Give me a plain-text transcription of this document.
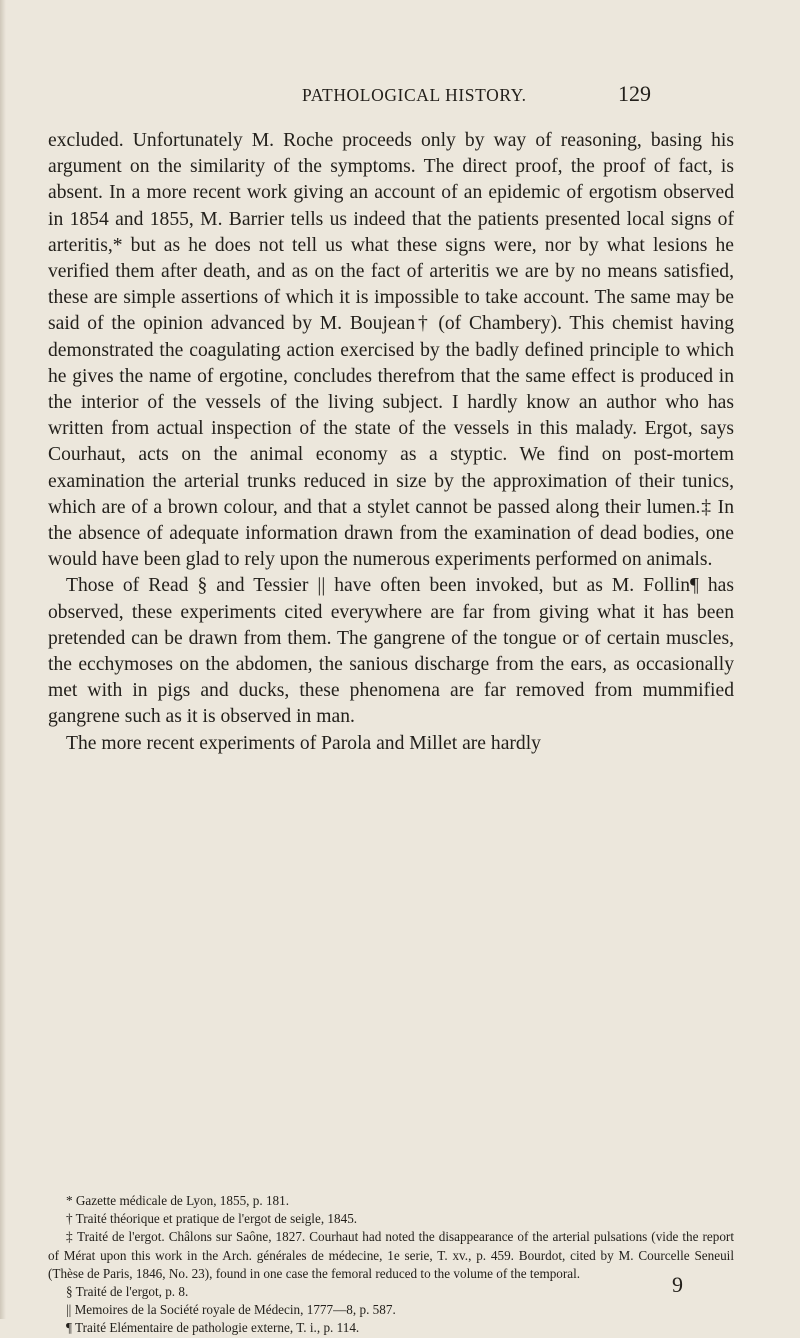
PATHOLOGICAL HISTORY.	129

excluded. Unfortunately M. Roche proceeds only by way of reasoning, basing his argument on the similarity of the symptoms. The direct proof, the proof of fact, is absent. In a more recent work giving an account of an epidemic of ergotism observed in 1854 and 1855, M. Barrier tells us indeed that the patients presented local signs of arteritis,* but as he does not tell us what these signs were, nor by what lesions he verified them after death, and as on the fact of arteritis we are by no means satisfied, these are simple assertions of which it is impossible to take account. The same may be said of the opinion advanced by M. Boujean† (of Chambery). This chemist having demonstrated the coagulating action exercised by the badly defined principle to which he gives the name of ergotine, concludes therefrom that the same effect is produced in the interior of the vessels of the living subject. I hardly know an author who has written from actual inspection of the state of the vessels in this malady. Ergot, says Courhaut, acts on the animal economy as a styptic. We find on post-mortem examination the arterial trunks reduced in size by the approximation of their tunics, which are of a brown colour, and that a stylet cannot be passed along their lumen.‡ In the absence of adequate information drawn from the examination of dead bodies, one would have been glad to rely upon the numerous experiments performed on animals.

Those of Read § and Tessier || have often been invoked, but as M. Follin¶ has observed, these experiments cited everywhere are far from giving what it has been pretended can be drawn from them. The gangrene of the tongue or of certain muscles, the ecchymoses on the abdomen, the sanious discharge from the ears, as occasionally met with in pigs and ducks, these phenomena are far removed from mummified gangrene such as it is observed in man.

The more recent experiments of Parola and Millet are hardly

* Gazette médicale de Lyon, 1855, p. 181.

† Traité théorique et pratique de l'ergot de seigle, 1845.

‡ Traité de l'ergot. Châlons sur Saône, 1827. Courhaut had noted the disappearance of the arterial pulsations (vide the report of Mérat upon this work in the Arch. générales de médecine, 1e serie, T. xv., p. 459. Bourdot, cited by M. Courcelle Seneuil (Thèse de Paris, 1846, No. 23), found in one case the femoral reduced to the volume of the temporal.

§ Traité de l'ergot, p. 8.

|| Memoires de la Société royale de Médecin, 1777—8, p. 587.

¶ Traité Elémentaire de pathologie externe, T. i., p. 114.

9
